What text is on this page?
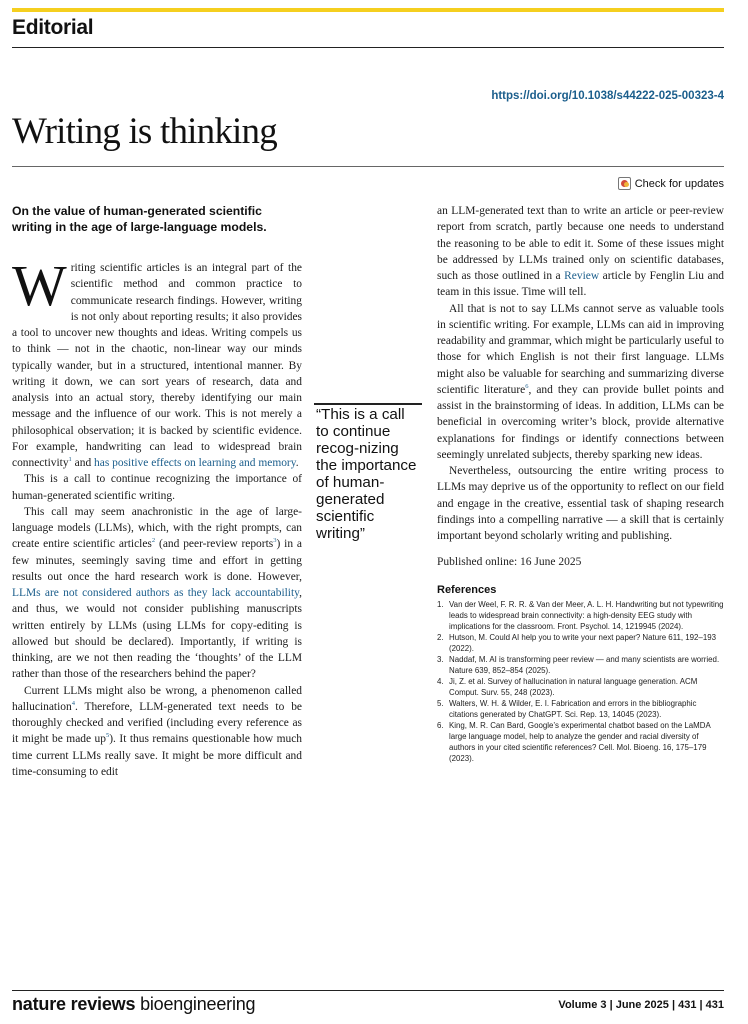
Editorial
https://doi.org/10.1038/s44222-025-00323-4
Writing is thinking
Check for updates
On the value of human-generated scientific writing in the age of large-language models.

Writing scientific articles is an integral part of the scientific method and common practice to communicate research findings. However, writing is not only about reporting results; it also provides a tool to uncover new thoughts and ideas. Writing compels us to think — not in the chaotic, non-linear way our minds typically wander, but in a structured, intentional manner. By writing it down, we can sort years of research, data and analysis into an actual story, thereby identifying our main message and the influence of our work. This is not merely a philosophical observation; it is backed by scientific evidence. For example, handwriting can lead to widespread brain connectivity$^1$ and has positive effects on learning and memory.

This is a call to continue recognizing the importance of human-generated scientific writing.

This call may seem anachronistic in the age of large-language models (LLMs), which, with the right prompts, can create entire scientific articles$^2$ (and peer-review reports$^3$) in a few minutes, seemingly saving time and effort in getting results out once the hard research work is done. However, LLMs are not considered authors as they lack accountability, and thus, we would not consider publishing manuscripts written entirely by LLMs (using LLMs for copy-editing is allowed but should be declared). Importantly, if writing is thinking, are we not then reading the ‘thoughts’ of the LLM rather than those of the researchers behind the paper?

Current LLMs might also be wrong, a phenomenon called hallucination$^4$. Therefore, LLM-generated text needs to be thoroughly checked and verified (including every reference as it might be made $up^5$). It thus remains questionable how much time current LLMs really save. It might be more difficult and time-consuming to edit

“This is a call to continue recog-nizing the importance of human-generated scientific writing”

an LLM-generated text than to write an article or peer-review report from scratch, partly because one needs to understand the reasoning to be able to edit it. Some of these issues might be addressed by LLMs trained only on scientific databases, such as those outlined in a Review article by Fenglin Liu and team in this issue. Time will tell.

All that is not to say LLMs cannot serve as valuable tools in scientific writing. For example, LLMs can aid in improving readability and grammar, which might be particularly useful to those for which English is not their first language. LLMs might also be valuable for searching and summarizing diverse scientific literature$^6$, and they can provide bullet points and assist in the brainstorming of ideas. In addition, LLMs can be beneficial in overcoming writer’s block, provide alternative explanations for findings or identify connections between seemingly unrelated subjects, thereby sparking new ideas.

Nevertheless, outsourcing the entire writing process to LLMs may deprive us of the opportunity to reflect on our field and engage in the creative, essential task of shaping research findings into a compelling narrative — a skill that is certainly important beyond scholarly writing and publishing.

Published online: 16 June 2025
References
1. Van der Weel, F. R. R. & Van der Meer, A. L. H. Handwriting but not typewriting leads to widespread brain connectivity: a high-density EEG study with implications for the classroom. Front. Psychol. 14, 1219945 (2024).
2. Hutson, M. Could AI help you to write your next paper? Nature 611, 192–193 (2022).
3. Naddaf, M. AI is transforming peer review — and many scientists are worried. Nature 639, 852–854 (2025).
4. Ji, Z. et al. Survey of hallucination in natural language generation. ACM Comput. Surv. 55, 248 (2023).
5. Walters, W. H. & Wilder, E. I. Fabrication and errors in the bibliographic citations generated by ChatGPT. Sci. Rep. 13, 14045 (2023).
6. King, M. R. Can Bard, Google’s experimental chatbot based on the LaMDA large language model, help to analyze the gender and racial diversity of authors in your cited scientific references? Cell. Mol. Bioeng. 16, 175–179 (2023).
nature reviews bioengineering	Volume 3 | June 2025 | 431 | 431
